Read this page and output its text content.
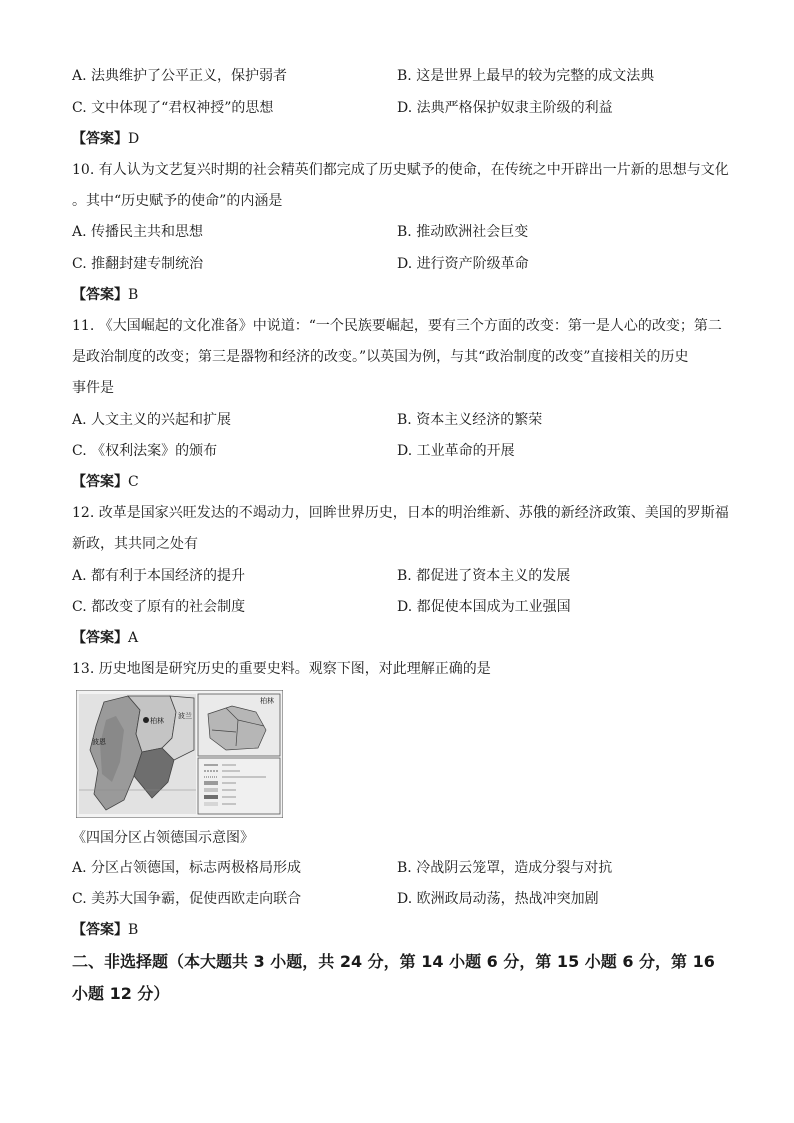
A. 法典维护了公平正义，保护弱者	B. 这是世界上最早的较为完整的成文法典
C. 文中体现了“君权神授”的思想	D. 法典严格保护奴隶主阶级的利益
【答案】D
10. 有人认为文艺复兴时期的社会精英们都完成了历史赋予的使命，在传统之中开辟出一片新的思想与文化
。其中“历史赋予的使命”的内涵是
A. 传播民主共和思想	B. 推动欧洲社会巨变
C. 推翻封建专制统治	D. 进行资产阶级革命
【答案】B
11. 《大国崛起的文化准备》中说道：“一个民族要崛起，要有三个方面的改变：第一是人心的改变；第二
是政治制度的改变；第三是器物和经济的改变。”以英国为例，与其“政治制度的改变”直接相关的历史
事件是
A. 人文主义的兴起和扩展	B. 资本主义经济的繁荣
C. 《权利法案》的颁布	D. 工业革命的开展
【答案】C
12. 改革是国家兴旺发达的不竭动力，回眸世界历史，日本的明治维新、苏俄的新经济政策、美国的罗斯福
新政，其共同之处有
A. 都有利于本国经济的提升	B. 都促进了资本主义的发展
C. 都改变了原有的社会制度	D. 都促使本国成为工业强国
【答案】A
13. 历史地图是研究历史的重要史料。观察下图，对此理解正确的是
柏林
波恩
波兰
柏林
《四国分区占领德国示意图》
A. 分区占领德国，标志两极格局形成	B. 冷战阴云笼罩，造成分裂与对抗
C. 美苏大国争霸，促使西欧走向联合	D. 欧洲政局动荡，热战冲突加剧
【答案】B
二、非选择题（本大题共 3 小题，共 24 分，第 14 小题 6 分，第 15 小题 6 分，第 16 小题 12 分）
